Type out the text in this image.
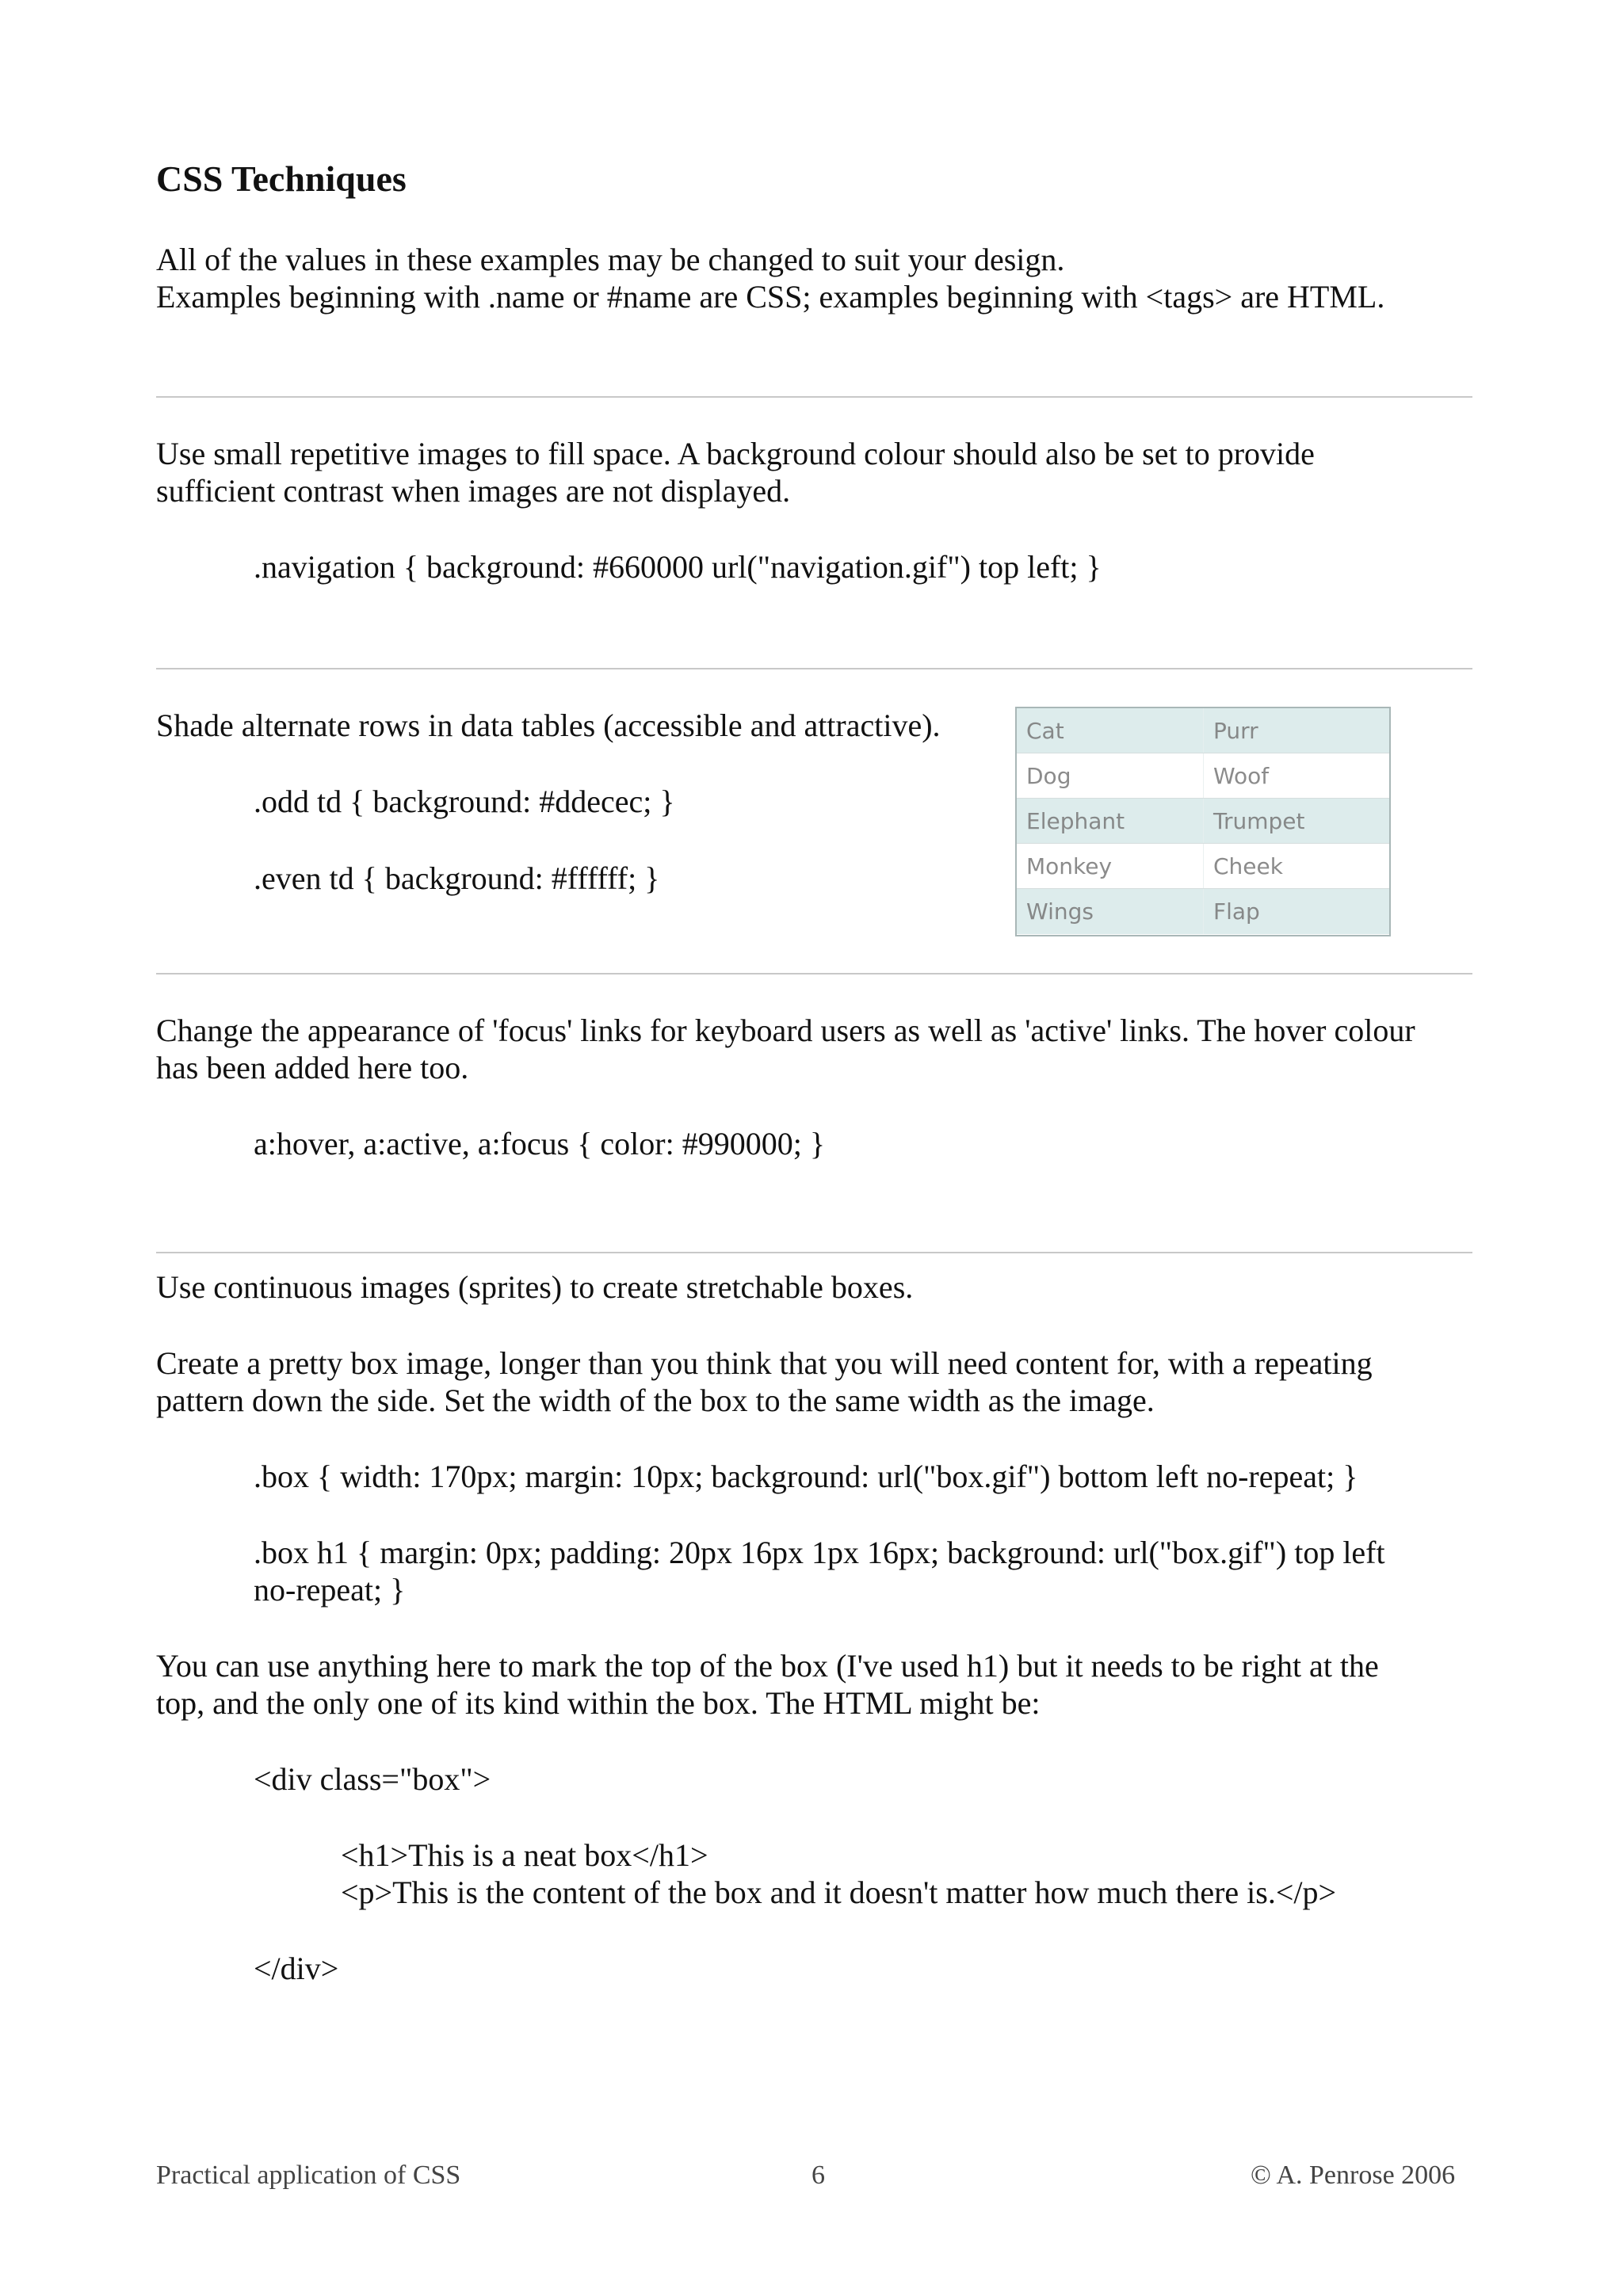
CSS Techniques
All of the values in these examples may be changed to suit your design.
Examples beginning with .name or #name are CSS; examples beginning with <tags> are HTML.
Use small repetitive images to fill space. A background colour should also be set to provide
sufficient contrast when images are not displayed.
.navigation { background: #660000 url("navigation.gif") top left; }
Shade alternate rows in data tables (accessible and attractive).
.odd td { background: #ddecec; }
.even td { background: #ffffff; }
Cat	Purr
Dog	Woof
Elephant	Trumpet
Monkey	Cheek
Wings	Flap
Change the appearance of 'focus' links for keyboard users as well as 'active' links. The hover colour
has been added here too.
a:hover, a:active, a:focus { color: #990000; }
Use continuous images (sprites) to create stretchable boxes.
Create a pretty box image, longer than you think that you will need content for, with a repeating
pattern down the side. Set the width of the box to the same width as the image.
.box { width: 170px; margin: 10px; background: url("box.gif") bottom left no-repeat; }
.box h1 { margin: 0px; padding: 20px 16px 1px 16px; background: url("box.gif") top left
no-repeat; }
You can use anything here to mark the top of the box (I've used h1) but it needs to be right at the
top, and the only one of its kind within the box. The HTML might be:
<div class="box">
<h1>This is a neat box</h1>
<p>This is the content of the box and it doesn't matter how much there is.</p>
</div>
Practical application of CSS	6	© A. Penrose 2006
